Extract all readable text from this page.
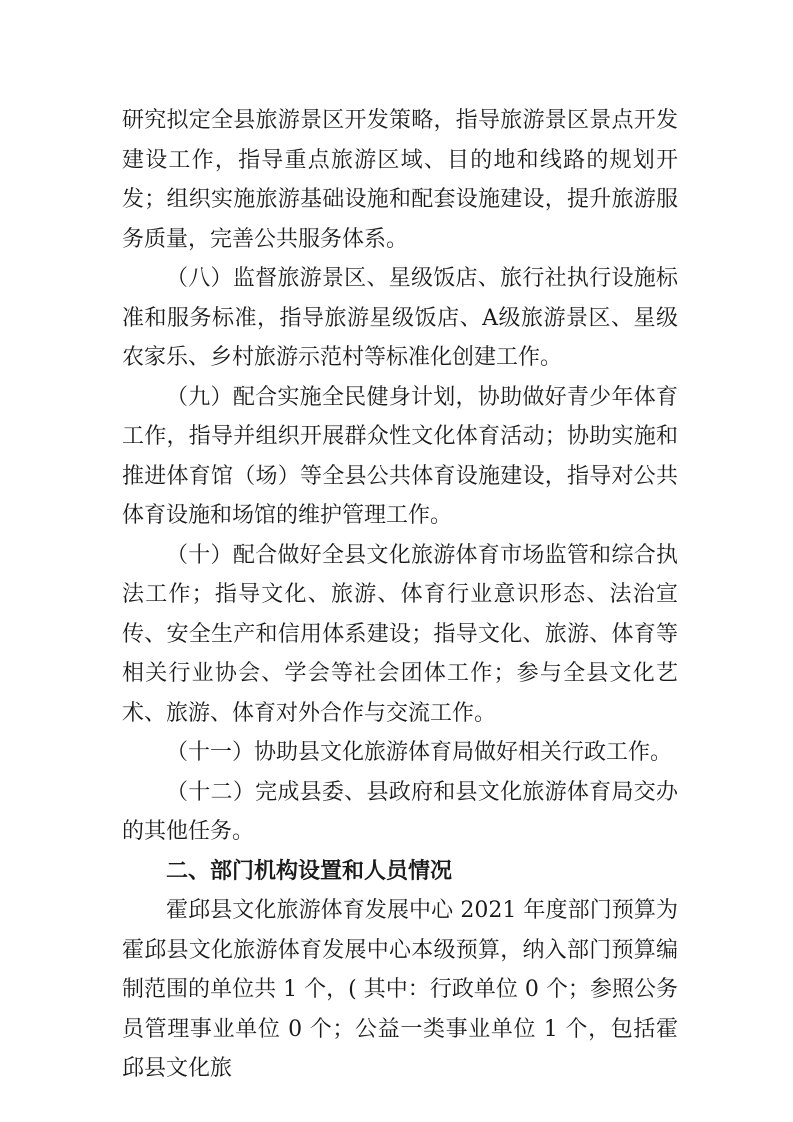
研究拟定全县旅游景区开发策略，指导旅游景区景点开发建设工作，指导重点旅游区域、目的地和线路的规划开发；组织实施旅游基础设施和配套设施建设，提升旅游服务质量，完善公共服务体系。

（八）监督旅游景区、星级饭店、旅行社执行设施标准和服务标准，指导旅游星级饭店、A级旅游景区、星级农家乐、乡村旅游示范村等标准化创建工作。

（九）配合实施全民健身计划，协助做好青少年体育工作，指导并组织开展群众性文化体育活动；协助实施和推进体育馆（场）等全县公共体育设施建设，指导对公共体育设施和场馆的维护管理工作。

（十）配合做好全县文化旅游体育市场监管和综合执法工作；指导文化、旅游、体育行业意识形态、法治宣传、安全生产和信用体系建设；指导文化、旅游、体育等相关行业协会、学会等社会团体工作；参与全县文化艺术、旅游、体育对外合作与交流工作。

（十一）协助县文化旅游体育局做好相关行政工作。

（十二）完成县委、县政府和县文化旅游体育局交办的其他任务。

二、部门机构设置和人员情况

霍邱县文化旅游体育发展中心 2021 年度部门预算为霍邱县文化旅游体育发展中心本级预算，纳入部门预算编制范围的单位共 1 个，( 其中：行政单位 0 个；参照公务员管理事业单位 0 个；公益一类事业单位 1 个，包括霍邱县文化旅
